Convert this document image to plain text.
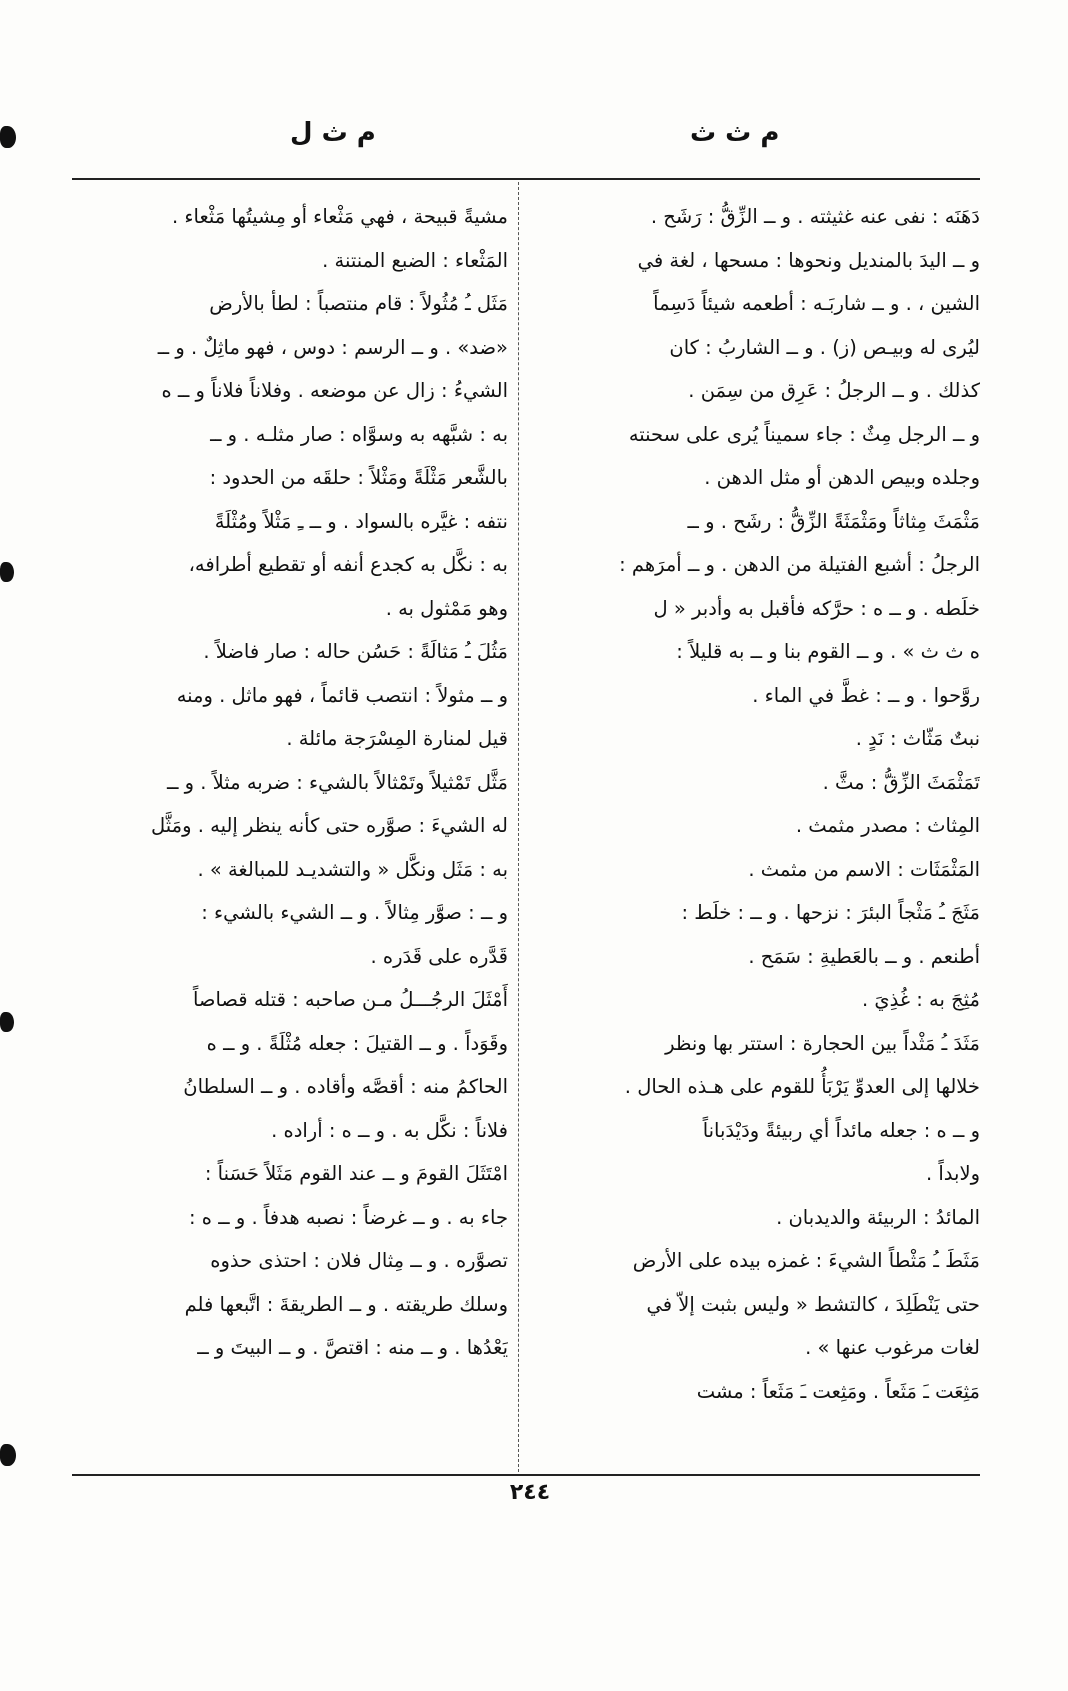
م ث ث
م ث ل
دَهَنَه : نفى عنه غثيثته . و ــ الزِّقُّ : رَشَح .
و ــ اليدَ بالمنديل ونحوها : مسحها ، لغة في
الشين ، . و ــ شاربَـه : أطعمه شيئاً دَسِماً
ليُرى له وبيـص (ز) . و ــ الشاربُ : كان
كذلك . و ــ الرجلُ : عَرِق من سِمَن .
و ــ الرجل مِثٌ : جاء سميناً يُرى على سحنته
وجلده وبيص الدهن أو مثل الدهن .
مَثْمَثَ مِثاثاً ومَثْمَثَةً الزِّقُّ : رشَح . و ــ
الرجلُ : أشبع الفتيلة من الدهن . و ــ أمرَهم :
خلَطه . و ــ ه : حرَّكه فأقبل به وأدبر « ل
ه ث ث » . و ــ القوم بنا و ــ به قليلاً :
روَّحوا . و ــ : غطَّ في الماء .
نبتٌ مَثّاث : نَدٍ .
تَمَثْمَثَ الزِّقُّ : مثَّ .
المِثاث : مصدر مثمث .
المَثْمَثَات : الاسم من مثمث .
مَثَجَ ـُ مَثْجاً البئرَ : نزحها . و ــ : خلَط :
أطنعم . و ــ بالعَطيةِ : سَمَح .
مُثِجَ به : غُذِيَ .
مَثَدَ ـُ مَثْداً بين الحجارة : استتر بها ونظر
خلالها إلى العدوِّ يَرْبَأُ للقوم على هـذه الحال .
و ــ ه : جعله مائداً أي ربيئةً ودَيْدَباناً
ولابداً .
المائدُ : الربيئة والديدبان .
مَثَطَ ـُ مَثْطاً الشيءَ : غمزه بيده على الأرض
حتى يَنْطَلِدَ ، كالتشط « وليس بثبت إلاّ في
لغات مرغوب عنها » .
مَثِعَت ـَ مَثَعاً . ومَثِعت ـَ مَثَعاً : مشت
مشيةً قبيحة ، فهي مَثْعاء أو مِشيتُها مَثْعاء .
المَثْعاء : الضبع المنتنة .
مَثَل ـُ مُثُولاً : قام منتصباً : لطأ بالأرض
«ضد» . و ــ الرسم : دوس ، فهو ماثِلٌ . و ــ
الشيءُ : زال عن موضعه . وفلاناً فلاناً و ــ ه
به : شبَّهه به وسوَّاه : صار مثلـه . و ــ
بالشَّعر مَثْلَةً ومَثْلاً : حلقَه من الحدود :
نتفه : غيَّره بالسواد . و ــ ـِ مَثْلاً ومُثْلَةً
به : نكَّل به كجدع أنفه أو تقطيع أطرافه،
وهو مَمْثول به .
مَثُلَ ـُ مَثالَةً : حَسُن حاله : صار فاضلاً .
و ــ مثولاً : انتصب قائماً ، فهو ماثل . ومنه
قيل لمنارة المِسْرَجة مائلة .
مَثَّل تَمْثيلاً وتَمْثالاً بالشيء : ضربه مثلاً . و ــ
له الشيءَ : صوَّره حتى كأنه ينظر إليه . ومَثَّل
به : مَثَل ونكَّل « والتشديـد للمبالغة » .
و ــ : صوَّر مِثالاً . و ــ الشيء بالشيء :
قَدَّره على قَدَره .
أَمْثَلَ الرجُـــلُ مـن صاحبه : قتله قصاصاً
وقَوَداً . و ــ القتيلَ : جعله مُثْلَةً . و ــ ه
الحاكمُ منه : أقصَّه وأقاده . و ــ السلطانُ
فلاناً : نكَّل به . و ــ ه : أراده .
امْتَثَلَ القومَ و ــ عند القوم مَثَلاً حَسَناً :
جاء به . و ــ غرضاً : نصبه هدفاً . و ــ ه :
تصوَّره . و ــ مِثال فلان : احتذى حذوه
وسلك طريقته . و ــ الطريقةَ : اتَّبعها فلم
يَعْدُها . و ــ منه : اقتصَّ . و ــ البيتَ و ــ
٢٤٤
